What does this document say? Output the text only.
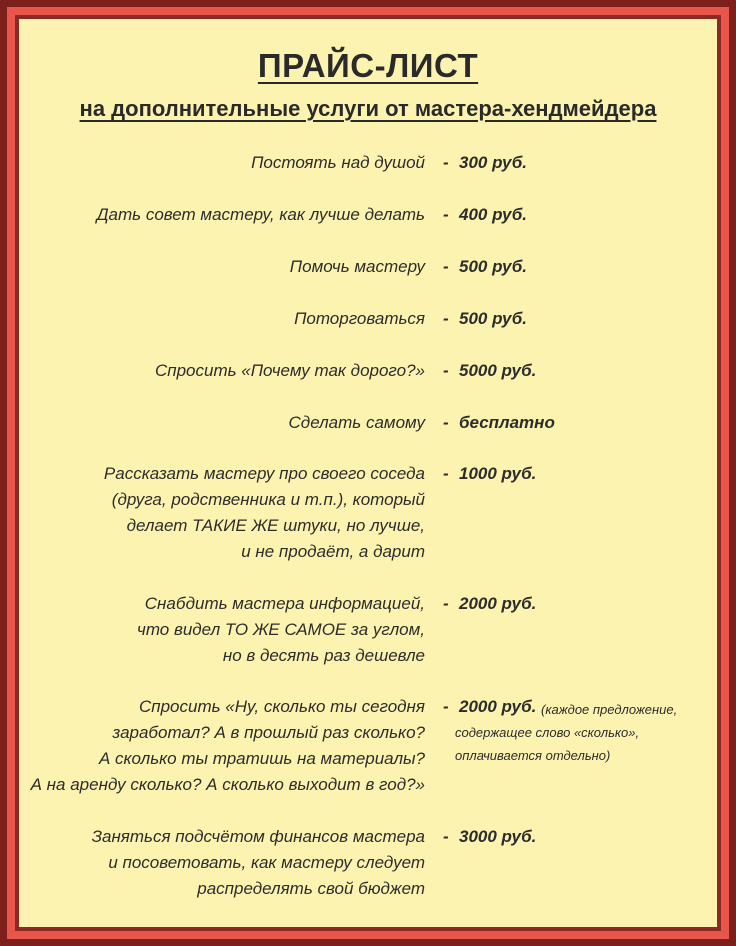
ПРАЙС-ЛИСТ
на дополнительные услуги от мастера-хендмейдера
Постоять над душой - 300 руб.
Дать совет мастеру, как лучше делать - 400 руб.
Помочь мастеру - 500 руб.
Поторговаться - 500 руб.
Спросить «Почему так дорого?» - 5000 руб.
Сделать самому - бесплатно
Рассказать мастеру про своего соседа
(друга, родственника и т.п.), который
делает ТАКИЕ ЖЕ штуки, но лучше,
и не продаёт, а дарит
- 1000 руб.
Снабдить мастера информацией,
что видел ТО ЖЕ САМОЕ за углом,
но в десять раз дешевле
- 2000 руб.
Спросить «Ну, сколько ты сегодня
заработал? А в прошлый раз сколько?
А сколько ты тратишь на материалы?
А на аренду сколько? А сколько выходит в год?»
- 2000 руб. (каждое предложение,
содержащее слово «сколько»,
оплачивается отдельно)
Заняться подсчётом финансов мастера
и посоветовать, как мастеру следует
распределять свой бюджет
- 3000 руб.
